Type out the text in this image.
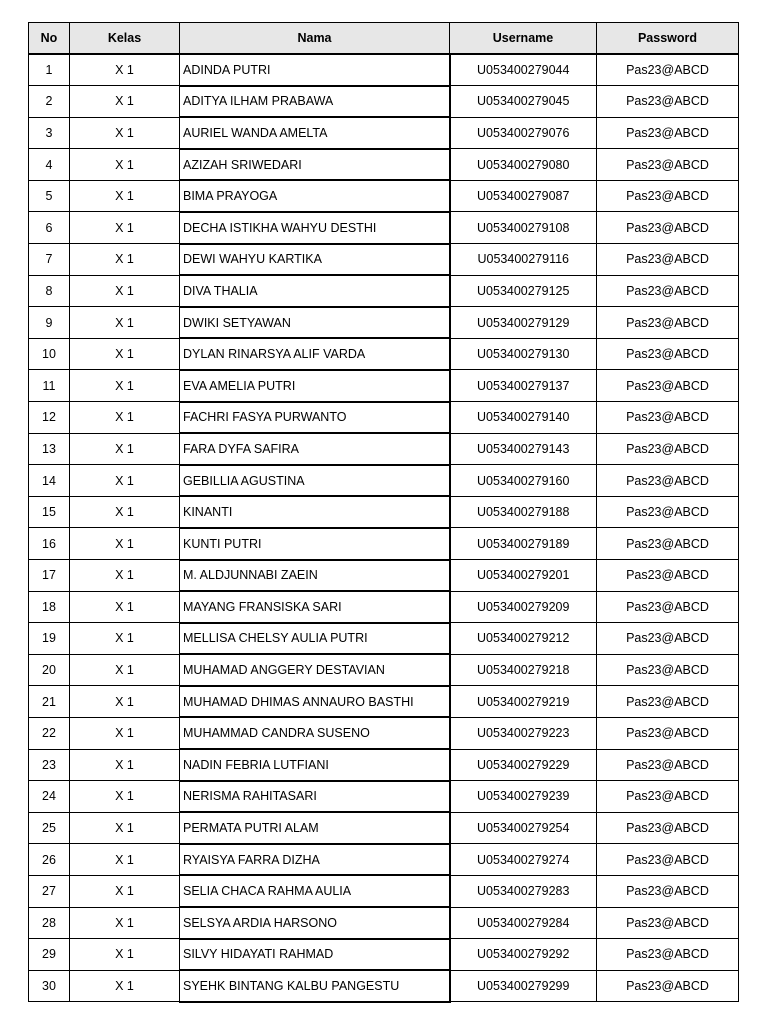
No	Kelas	Nama	Username	Password
1	X 1	ADINDA PUTRI	U053400279044	Pas23@ABCD
2	X 1	ADITYA ILHAM PRABAWA	U053400279045	Pas23@ABCD
3	X 1	AURIEL WANDA AMELTA	U053400279076	Pas23@ABCD
4	X 1	AZIZAH SRIWEDARI	U053400279080	Pas23@ABCD
5	X 1	BIMA PRAYOGA	U053400279087	Pas23@ABCD
6	X 1	DECHA ISTIKHA WAHYU DESTHI	U053400279108	Pas23@ABCD
7	X 1	DEWI WAHYU KARTIKA	U053400279116	Pas23@ABCD
8	X 1	DIVA THALIA	U053400279125	Pas23@ABCD
9	X 1	DWIKI SETYAWAN	U053400279129	Pas23@ABCD
10	X 1	DYLAN RINARSYA ALIF VARDA	U053400279130	Pas23@ABCD
11	X 1	EVA AMELIA PUTRI	U053400279137	Pas23@ABCD
12	X 1	FACHRI FASYA PURWANTO	U053400279140	Pas23@ABCD
13	X 1	FARA DYFA SAFIRA	U053400279143	Pas23@ABCD
14	X 1	GEBILLIA AGUSTINA	U053400279160	Pas23@ABCD
15	X 1	KINANTI	U053400279188	Pas23@ABCD
16	X 1	KUNTI PUTRI	U053400279189	Pas23@ABCD
17	X 1	M. ALDJUNNABI ZAEIN	U053400279201	Pas23@ABCD
18	X 1	MAYANG FRANSISKA SARI	U053400279209	Pas23@ABCD
19	X 1	MELLISA CHELSY AULIA PUTRI	U053400279212	Pas23@ABCD
20	X 1	MUHAMAD ANGGERY DESTAVIAN	U053400279218	Pas23@ABCD
21	X 1	MUHAMAD DHIMAS ANNAURO BASTHI	U053400279219	Pas23@ABCD
22	X 1	MUHAMMAD CANDRA SUSENO	U053400279223	Pas23@ABCD
23	X 1	NADIN FEBRIA LUTFIANI	U053400279229	Pas23@ABCD
24	X 1	NERISMA RAHITASARI	U053400279239	Pas23@ABCD
25	X 1	PERMATA PUTRI ALAM	U053400279254	Pas23@ABCD
26	X 1	RYAISYA FARRA DIZHA	U053400279274	Pas23@ABCD
27	X 1	SELIA CHACA RAHMA AULIA	U053400279283	Pas23@ABCD
28	X 1	SELSYA ARDIA HARSONO	U053400279284	Pas23@ABCD
29	X 1	SILVY HIDAYATI RAHMAD	U053400279292	Pas23@ABCD
30	X 1	SYEHK BINTANG KALBU PANGESTU	U053400279299	Pas23@ABCD
